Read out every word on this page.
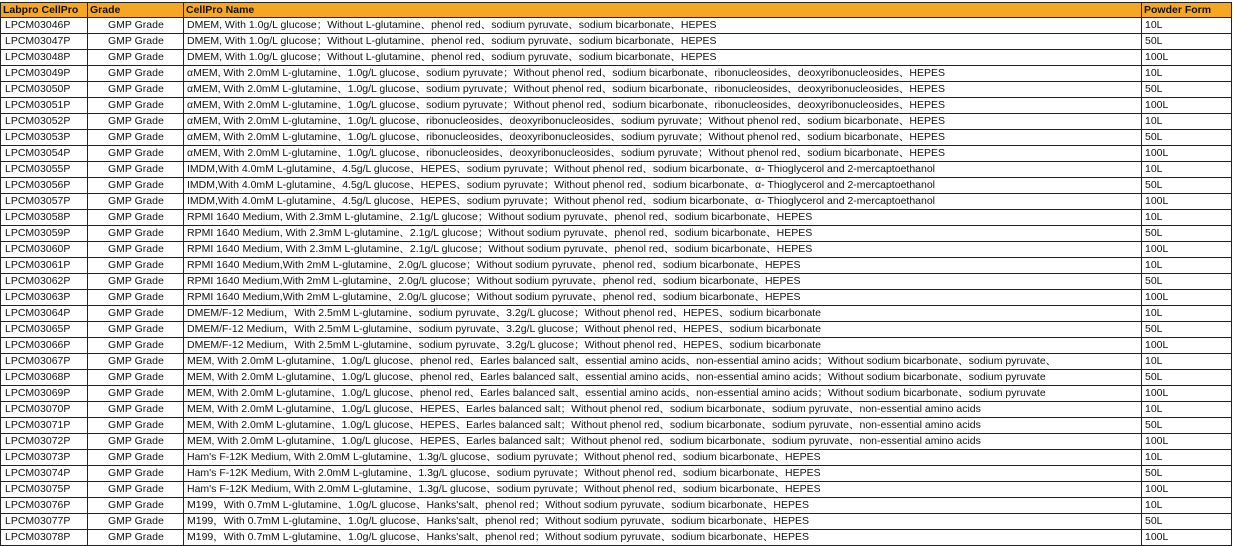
Labpro CellPro	Grade	CellPro Name	Powder Form
LPCM03046P	GMP Grade	DMEM, With 1.0g/L glucose；Without L-glutamine、phenol red、sodium pyruvate、sodium bicarbonate、HEPES	10L
LPCM03047P	GMP Grade	DMEM, With 1.0g/L glucose；Without L-glutamine、phenol red、sodium pyruvate、sodium bicarbonate、HEPES	50L
LPCM03048P	GMP Grade	DMEM, With 1.0g/L glucose；Without L-glutamine、phenol red、sodium pyruvate、sodium bicarbonate、HEPES	100L
LPCM03049P	GMP Grade	αMEM, With 2.0mM L-glutamine、1.0g/L glucose、sodium pyruvate；Without phenol red、sodium bicarbonate、ribonucleosides、deoxyribonucleosides、HEPES	10L
LPCM03050P	GMP Grade	αMEM, With 2.0mM L-glutamine、1.0g/L glucose、sodium pyruvate；Without phenol red、sodium bicarbonate、ribonucleosides、deoxyribonucleosides、HEPES	50L
LPCM03051P	GMP Grade	αMEM, With 2.0mM L-glutamine、1.0g/L glucose、sodium pyruvate；Without phenol red、sodium bicarbonate、ribonucleosides、deoxyribonucleosides、HEPES	100L
LPCM03052P	GMP Grade	αMEM, With 2.0mM L-glutamine、1.0g/L glucose、ribonucleosides、deoxyribonucleosides、sodium pyruvate；Without phenol red、sodium bicarbonate、HEPES	10L
LPCM03053P	GMP Grade	αMEM, With 2.0mM L-glutamine、1.0g/L glucose、ribonucleosides、deoxyribonucleosides、sodium pyruvate；Without phenol red、sodium bicarbonate、HEPES	50L
LPCM03054P	GMP Grade	αMEM, With 2.0mM L-glutamine、1.0g/L glucose、ribonucleosides、deoxyribonucleosides、sodium pyruvate；Without phenol red、sodium bicarbonate、HEPES	100L
LPCM03055P	GMP Grade	IMDM,With 4.0mM L-glutamine、4.5g/L glucose、HEPES、sodium pyruvate；Without phenol red、sodium bicarbonate、α- Thioglycerol and 2-mercaptoethanol	10L
LPCM03056P	GMP Grade	IMDM,With 4.0mM L-glutamine、4.5g/L glucose、HEPES、sodium pyruvate；Without phenol red、sodium bicarbonate、α- Thioglycerol and 2-mercaptoethanol	50L
LPCM03057P	GMP Grade	IMDM,With 4.0mM L-glutamine、4.5g/L glucose、HEPES、sodium pyruvate；Without phenol red、sodium bicarbonate、α- Thioglycerol and 2-mercaptoethanol	100L
LPCM03058P	GMP Grade	RPMI 1640 Medium, With 2.3mM L-glutamine、2.1g/L glucose；Without sodium pyruvate、phenol red、sodium bicarbonate、HEPES	10L
LPCM03059P	GMP Grade	RPMI 1640 Medium, With 2.3mM L-glutamine、2.1g/L glucose；Without sodium pyruvate、phenol red、sodium bicarbonate、HEPES	50L
LPCM03060P	GMP Grade	RPMI 1640 Medium, With 2.3mM L-glutamine、2.1g/L glucose；Without sodium pyruvate、phenol red、sodium bicarbonate、HEPES	100L
LPCM03061P	GMP Grade	RPMI 1640 Medium,With 2mM L-glutamine、2.0g/L glucose；Without sodium pyruvate、phenol red、sodium bicarbonate、HEPES	10L
LPCM03062P	GMP Grade	RPMI 1640 Medium,With 2mM L-glutamine、2.0g/L glucose；Without sodium pyruvate、phenol red、sodium bicarbonate、HEPES	50L
LPCM03063P	GMP Grade	RPMI 1640 Medium,With 2mM L-glutamine、2.0g/L glucose；Without sodium pyruvate、phenol red、sodium bicarbonate、HEPES	100L
LPCM03064P	GMP Grade	DMEM/F-12 Medium，With 2.5mM L-glutamine、sodium pyruvate、3.2g/L glucose；Without phenol red、HEPES、sodium bicarbonate	10L
LPCM03065P	GMP Grade	DMEM/F-12 Medium，With 2.5mM L-glutamine、sodium pyruvate、3.2g/L glucose；Without phenol red、HEPES、sodium bicarbonate	50L
LPCM03066P	GMP Grade	DMEM/F-12 Medium，With 2.5mM L-glutamine、sodium pyruvate、3.2g/L glucose；Without phenol red、HEPES、sodium bicarbonate	100L
LPCM03067P	GMP Grade	MEM, With 2.0mM L-glutamine、1.0g/L glucose、phenol red、Earles balanced salt、essential amino acids、non-essential amino acids；Without sodium bicarbonate、sodium pyruvate、	10L
LPCM03068P	GMP Grade	MEM, With 2.0mM L-glutamine、1.0g/L glucose、phenol red、Earles balanced salt、essential amino acids、non-essential amino acids；Without sodium bicarbonate、sodium pyruvate	50L
LPCM03069P	GMP Grade	MEM, With 2.0mM L-glutamine、1.0g/L glucose、phenol red、Earles balanced salt、essential amino acids、non-essential amino acids；Without sodium bicarbonate、sodium pyruvate	100L
LPCM03070P	GMP Grade	MEM, With 2.0mM L-glutamine、1.0g/L glucose、HEPES、Earles balanced salt；Without phenol red、sodium bicarbonate、sodium pyruvate、non-essential amino acids	10L
LPCM03071P	GMP Grade	MEM, With 2.0mM L-glutamine、1.0g/L glucose、HEPES、Earles balanced salt；Without phenol red、sodium bicarbonate、sodium pyruvate、non-essential amino acids	50L
LPCM03072P	GMP Grade	MEM, With 2.0mM L-glutamine、1.0g/L glucose、HEPES、Earles balanced salt；Without phenol red、sodium bicarbonate、sodium pyruvate、non-essential amino acids	100L
LPCM03073P	GMP Grade	Ham's F-12K Medium, With 2.0mM L-glutamine、1.3g/L glucose、sodium pyruvate；Without phenol red、sodium bicarbonate、HEPES	10L
LPCM03074P	GMP Grade	Ham's F-12K Medium, With 2.0mM L-glutamine、1.3g/L glucose、sodium pyruvate；Without phenol red、sodium bicarbonate、HEPES	50L
LPCM03075P	GMP Grade	Ham's F-12K Medium, With 2.0mM L-glutamine、1.3g/L glucose、sodium pyruvate；Without phenol red、sodium bicarbonate、HEPES	100L
LPCM03076P	GMP Grade	M199，With 0.7mM L-glutamine、1.0g/L glucose、Hanks'salt、phenol red；Without sodium pyruvate、sodium bicarbonate、HEPES	10L
LPCM03077P	GMP Grade	M199，With 0.7mM L-glutamine、1.0g/L glucose、Hanks'salt、phenol red；Without sodium pyruvate、sodium bicarbonate、HEPES	50L
LPCM03078P	GMP Grade	M199，With 0.7mM L-glutamine、1.0g/L glucose、Hanks'salt、phenol red；Without sodium pyruvate、sodium bicarbonate、HEPES	100L
